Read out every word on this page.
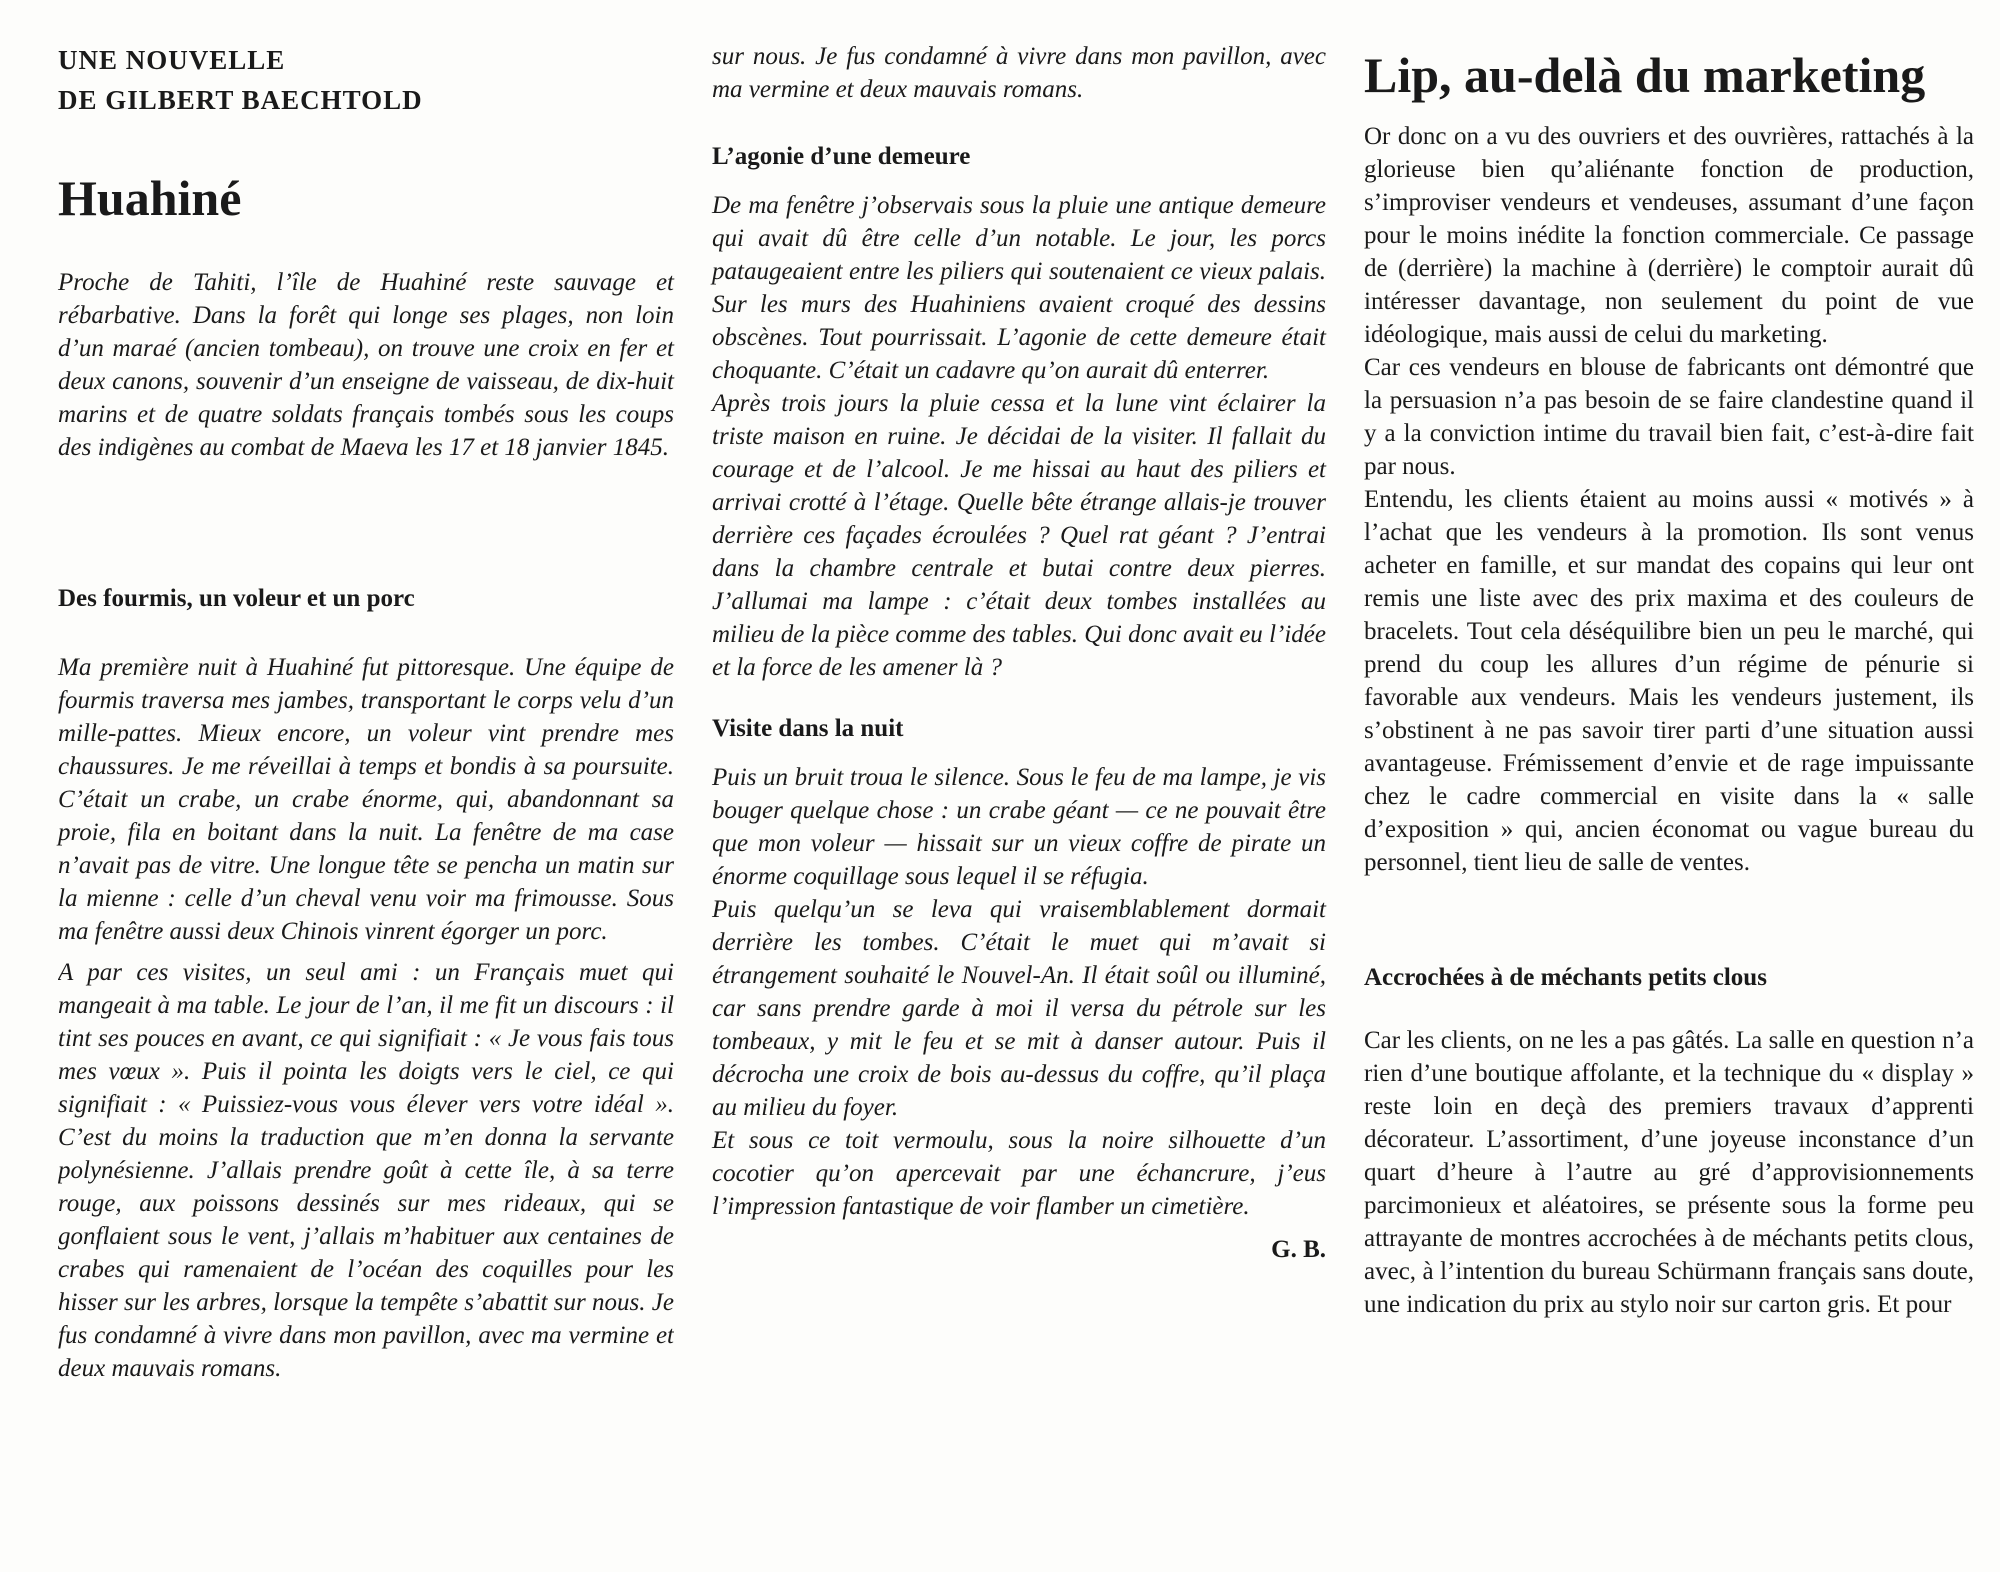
UNE NOUVELLE
DE GILBERT BAECHTOLD
Huahiné

Proche de Tahiti, l’île de Huahiné reste sauvage et rébarbative. Dans la forêt qui longe ses plages, non loin d’un maraé (ancien tombeau), on trouve une croix en fer et deux canons, souvenir d’un enseigne de vaisseau, de dix-huit marins et de quatre soldats français tombés sous les coups des indigènes au combat de Maeva les 17 et 18 janvier 1845.

Des fourmis, un voleur et un porc

Ma première nuit à Huahiné fut pittoresque. Une équipe de fourmis traversa mes jambes, transportant le corps velu d’un mille-pattes. Mieux encore, un voleur vint prendre mes chaussures. Je me réveillai à temps et bondis à sa poursuite. C’était un crabe, un crabe énorme, qui, abandonnant sa proie, fila en boitant dans la nuit. La fenêtre de ma case n’avait pas de vitre. Une longue tête se pencha un matin sur la mienne : celle d’un cheval venu voir ma frimousse. Sous ma fenêtre aussi deux Chinois vinrent égorger un porc.

A par ces visites, un seul ami : un Français muet qui mangeait à ma table. Le jour de l’an, il me fit un discours : il tint ses pouces en avant, ce qui signifiait : « Je vous fais tous mes vœux ». Puis il pointa les doigts vers le ciel, ce qui signifiait : « Puissiez-vous vous élever vers votre idéal ». C’est du moins la traduction que m’en donna la servante polynésienne. J’allais prendre goût à cette île, à sa terre rouge, aux poissons dessinés sur mes rideaux, qui se gonflaient sous le vent, j’allais m’habituer aux centaines de crabes qui ramenaient de l’océan des coquilles pour les hisser sur les arbres, lorsque la tempête s’abattit sur nous. Je fus condamné à vivre dans mon pavillon, avec ma vermine et deux mauvais romans.

sur nous. Je fus condamné à vivre dans mon pavillon, avec ma vermine et deux mauvais romans.

L’agonie d’une demeure

De ma fenêtre j’observais sous la pluie une antique demeure qui avait dû être celle d’un notable. Le jour, les porcs pataugeaient entre les piliers qui soutenaient ce vieux palais. Sur les murs des Huahiniens avaient croqué des dessins obscènes. Tout pourrissait. L’agonie de cette demeure était choquante. C’était un cadavre qu’on aurait dû enterrer.

Après trois jours la pluie cessa et la lune vint éclairer la triste maison en ruine. Je décidai de la visiter. Il fallait du courage et de l’alcool. Je me hissai au haut des piliers et arrivai crotté à l’étage. Quelle bête étrange allais-je trouver derrière ces façades écroulées ? Quel rat géant ? J’entrai dans la chambre centrale et butai contre deux pierres. J’allumai ma lampe : c’était deux tombes installées au milieu de la pièce comme des tables. Qui donc avait eu l’idée et la force de les amener là ?

Visite dans la nuit

Puis un bruit troua le silence. Sous le feu de ma lampe, je vis bouger quelque chose : un crabe géant — ce ne pouvait être que mon voleur — hissait sur un vieux coffre de pirate un énorme coquillage sous lequel il se réfugia.

Puis quelqu’un se leva qui vraisemblablement dormait derrière les tombes. C’était le muet qui m’avait si étrangement souhaité le Nouvel-An. Il était soûl ou illuminé, car sans prendre garde à moi il versa du pétrole sur les tombeaux, y mit le feu et se mit à danser autour. Puis il décrocha une croix de bois au-dessus du coffre, qu’il plaça au milieu du foyer.

Et sous ce toit vermoulu, sous la noire silhouette d’un cocotier qu’on apercevait par une échancrure, j’eus l’impression fantastique de voir flamber un cimetière.

G. B.
Lip, au-delà du marketing

Or donc on a vu des ouvriers et des ouvrières, rattachés à la glorieuse bien qu’aliénante fonction de production, s’improviser vendeurs et vendeuses, assumant d’une façon pour le moins inédite la fonction commerciale. Ce passage de (derrière) la machine à (derrière) le comptoir aurait dû intéresser davantage, non seulement du point de vue idéologique, mais aussi de celui du marketing.

Car ces vendeurs en blouse de fabricants ont démontré que la persuasion n’a pas besoin de se faire clandestine quand il y a la conviction intime du travail bien fait, c’est-à-dire fait par nous.

Entendu, les clients étaient au moins aussi « motivés » à l’achat que les vendeurs à la promotion. Ils sont venus acheter en famille, et sur mandat des copains qui leur ont remis une liste avec des prix maxima et des couleurs de bracelets. Tout cela déséquilibre bien un peu le marché, qui prend du coup les allures d’un régime de pénurie si favorable aux vendeurs. Mais les vendeurs justement, ils s’obstinent à ne pas savoir tirer parti d’une situation aussi avantageuse. Frémissement d’envie et de rage impuissante chez le cadre commercial en visite dans la « salle d’exposition » qui, ancien économat ou vague bureau du personnel, tient lieu de salle de ventes.

Accrochées à de méchants petits clous

Car les clients, on ne les a pas gâtés. La salle en question n’a rien d’une boutique affolante, et la technique du « display » reste loin en deçà des premiers travaux d’apprenti décorateur. L’assortiment, d’une joyeuse inconstance d’un quart d’heure à l’autre au gré d’approvisionnements parcimonieux et aléatoires, se présente sous la forme peu attrayante de montres accrochées à de méchants petits clous, avec, à l’intention du bureau Schürmann français sans doute, une indication du prix au stylo noir sur carton gris. Et pour
